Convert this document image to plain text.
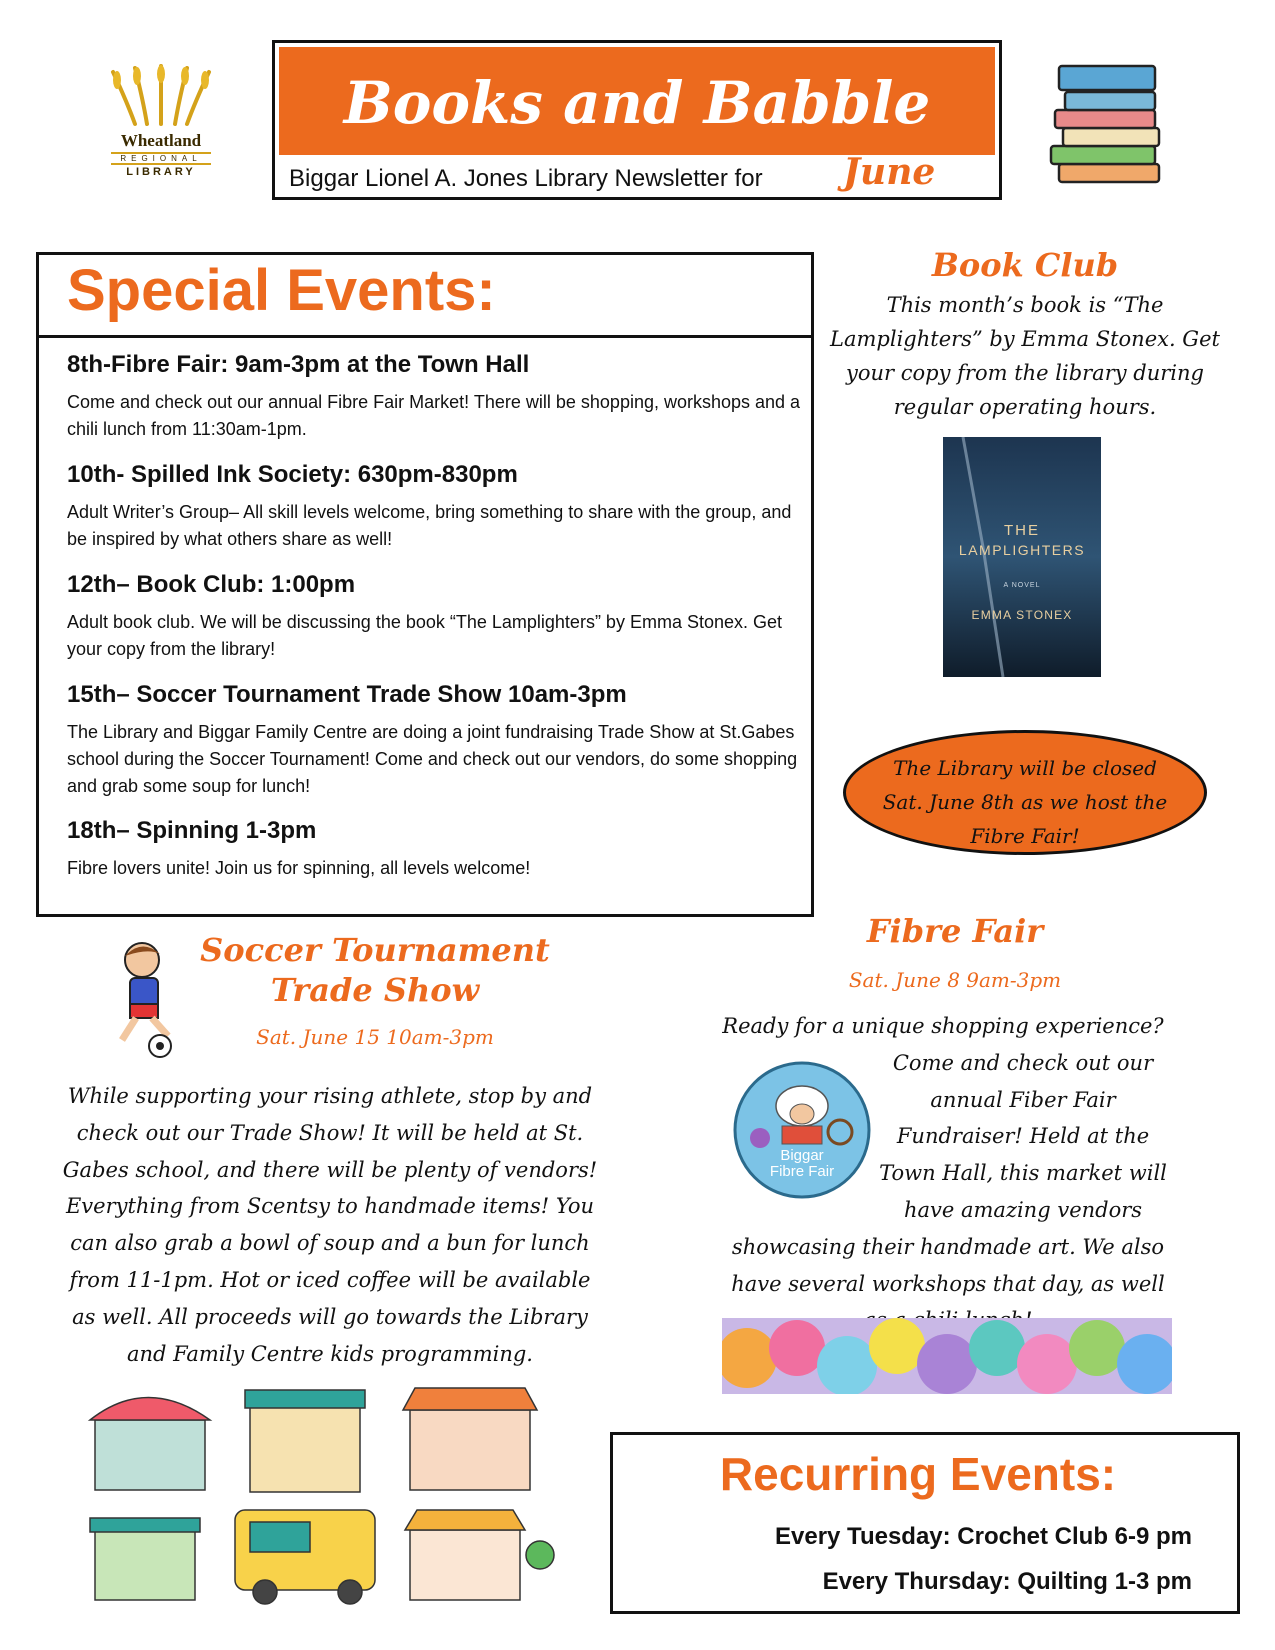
Wheatland
REGIONAL
LIBRARY
Books and Babble
Biggar Lionel A. Jones Library Newsletter for June
Special Events:
8th-Fibre Fair: 9am-3pm at the Town Hall

Come and check out our annual Fibre Fair Market! There will be shopping, workshops and a chili lunch from 11:30am-1pm.

10th- Spilled Ink Society: 630pm-830pm

Adult Writer’s Group– All skill levels welcome, bring something to share with the group, and be inspired by what others share as well!

12th– Book Club: 1:00pm

Adult book club. We will be discussing the book “The Lamplighters” by Emma Stonex. Get your copy from the library!

15th– Soccer Tournament Trade Show 10am-3pm

The Library and Biggar Family Centre are doing a joint fundraising Trade Show at St.Gabes school during the Soccer Tournament! Come and check out our vendors, do some shopping and grab some soup for lunch!

18th– Spinning 1-3pm

Fibre lovers unite! Join us for spinning, all levels welcome!

Book Club
This month’s book is “The Lamplighters” by Emma Stonex. Get your copy from the library during regular operating hours.
THE
LAMPLIGHTERS
A NOVEL
EMMA STONEX
The Library will be closed Sat. June 8th as we host the Fibre Fair!
Soccer Tournament
Trade Show
Sat. June 15 10am-3pm
While supporting your rising athlete, stop by and check out our Trade Show! It will be held at St. Gabes school, and there will be plenty of vendors! Everything from Scentsy to handmade items! You can also grab a bowl of soup and a bun for lunch from 11-1pm. Hot or iced coffee will be available as well. All proceeds will go towards the Library and Family Centre kids programming.
Fibre Fair
Sat. June 8 9am-3pm
Ready for a unique shopping experience?
Come and check out our annual Fiber Fair Fundraiser! Held at the Town Hall, this market will have amazing vendors showcasing their handmade art. We also have several workshops that day, as well
Biggar
Fibre Fair
Recurring Events:
Every Tuesday: Crochet Club 6-9 pm
Every Thursday: Quilting 1-3 pm
